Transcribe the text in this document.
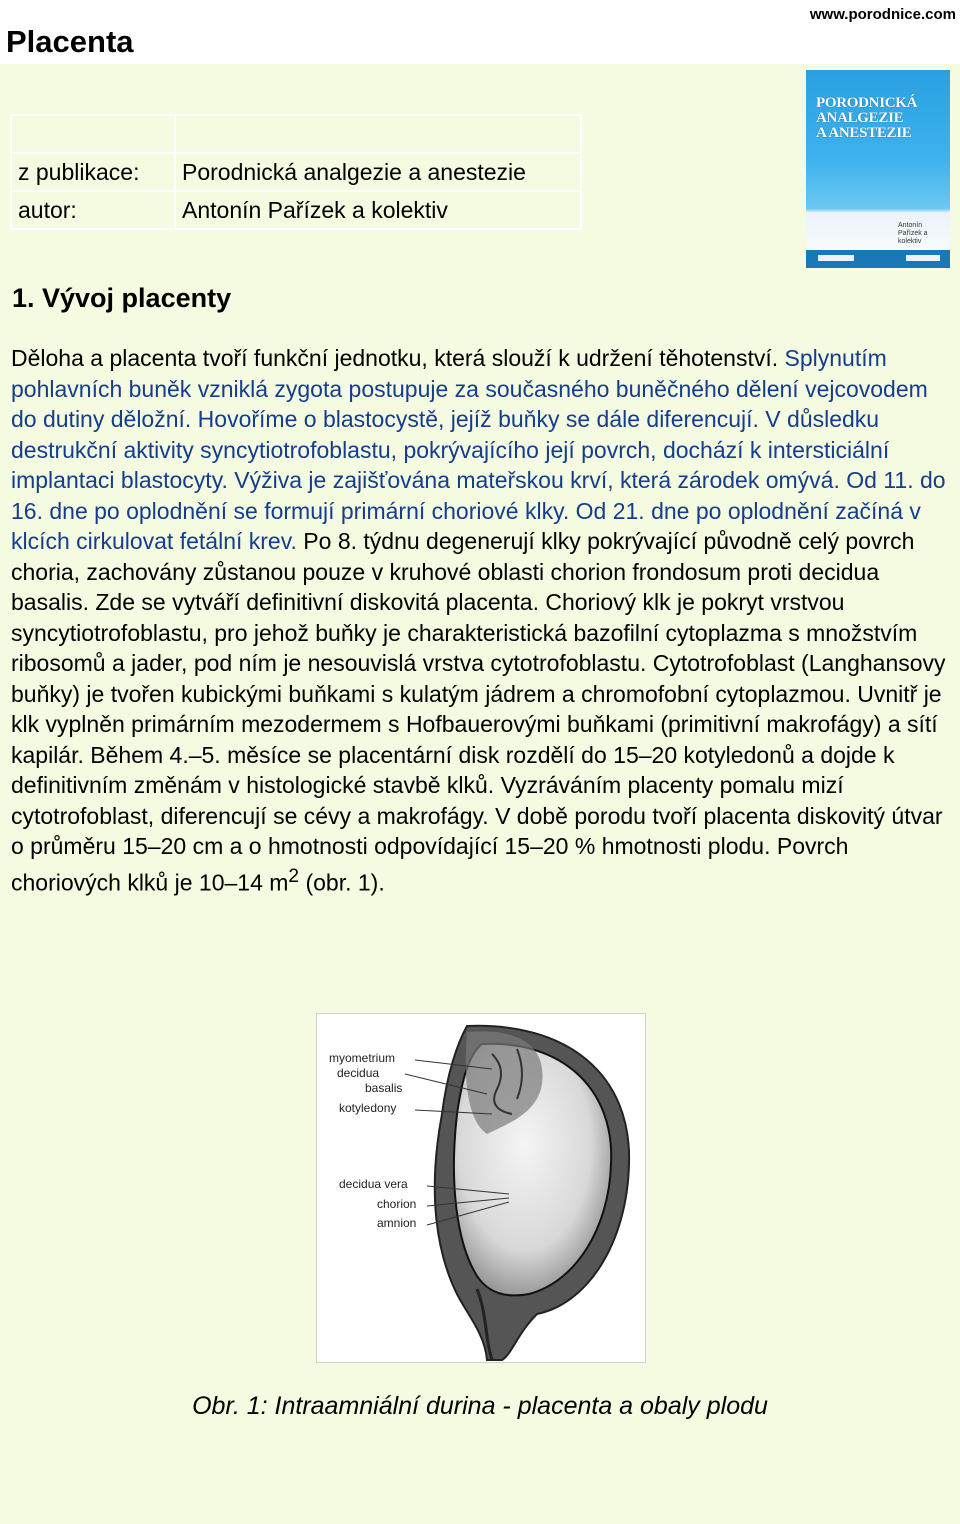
www.porodnice.com
Placenta

z publikace:	Porodnická analgezie a anestezie
autor:	Antonín Pařízek a kolektiv
PORODNICKÁ
ANALGEZIE
A ANESTEZIE
Antonín Pařízek a kolektiv
1. Vývoj placenty

Děloha a placenta tvoří funkční jednotku, která slouží k udržení těhotenství. Splynutím pohlavních buněk vzniklá zygota postupuje za současného buněčného dělení vejcovodem do dutiny děložní. Hovoříme o blastocystě, jejíž buňky se dále diferencují. V důsledku destrukční aktivity syncytiotrofoblastu, pokrývajícího její povrch, dochází k intersticiální implantaci blastocyty. Výživa je zajišťována mateřskou krví, která zárodek omývá. Od 11. do 16. dne po oplodnění se formují primární choriové klky. Od 21. dne po oplodnění začíná v klcích cirkulovat fetální krev. Po 8. týdnu degenerují klky pokrývající původně celý povrch choria, zachovány zůstanou pouze v kruhové oblasti chorion frondosum proti decidua basalis. Zde se vytváří definitivní diskovitá placenta. Choriový klk je pokryt vrstvou syncytiotrofoblastu, pro jehož buňky je charakteristická bazofilní cytoplazma s množstvím ribosomů a jader, pod ním je nesouvislá vrstva cytotrofoblastu. Cytotrofoblast (Langhansovy buňky) je tvořen kubickými buňkami s kulatým jádrem a chromofobní cytoplazmou. Uvnitř je klk vyplněn primárním mezodermem s Hofbauerovými buňkami (primitivní makrofágy) a sítí kapilár. Během 4.–5. měsíce se placentární disk rozdělí do 15–20 kotyledonů a dojde k definitivním změnám v histologické stavbě klků. Vyzráváním placenty pomalu mizí cytotrofoblast, diferencují se cévy a makrofágy. V době porodu tvoří placenta diskovitý útvar o průměru 15–20 cm a o hmotnosti odpovídající 15–20 % hmotnosti plodu. Povrch choriových klků je 10–14 $m^2$ (obr. 1).

myometrium
decidua
basalis
kotyledony
decidua vera
chorion
amnion

Obr. 1: Intraamniální durina - placenta a obaly plodu
